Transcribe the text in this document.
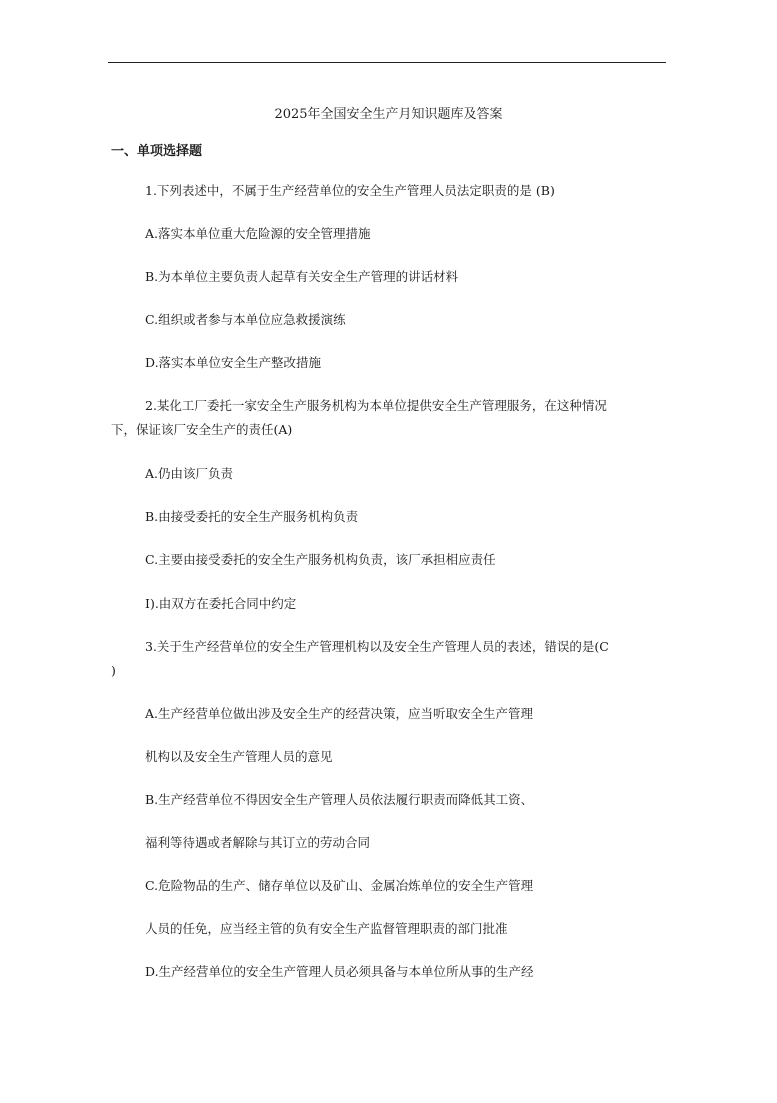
2025年全国安全生产月知识题库及答案
一、单项选择题
1.下列表述中，不属于生产经营单位的安全生产管理人员法定职责的是 (B)
A.落实本单位重大危险源的安全管理措施
B.为本单位主要负责人起草有关安全生产管理的讲话材料
C.组织或者参与本单位应急救援演练
D.落实本单位安全生产整改措施
2.某化工厂委托一家安全生产服务机构为本单位提供安全生产管理服务，在这种情况
下，保证该厂安全生产的责任(A)
A.仍由该厂负责
B.由接受委托的安全生产服务机构负责
C.主要由接受委托的安全生产服务机构负责，该厂承担相应责任
I).由双方在委托合同中约定
3.关于生产经营单位的安全生产管理机构以及安全生产管理人员的表述，错误的是(C
)
A.生产经营单位做出涉及安全生产的经营决策，应当听取安全生产管理
机构以及安全生产管理人员的意见
B.生产经营单位不得因安全生产管理人员依法履行职责而降低其工资、
福利等待遇或者解除与其订立的劳动合同
C.危险物品的生产、储存单位以及矿山、金属冶炼单位的安全生产管理
人员的任免，应当经主管的负有安全生产监督管理职责的部门批准
D.生产经营单位的安全生产管理人员必须具备与本单位所从事的生产经
